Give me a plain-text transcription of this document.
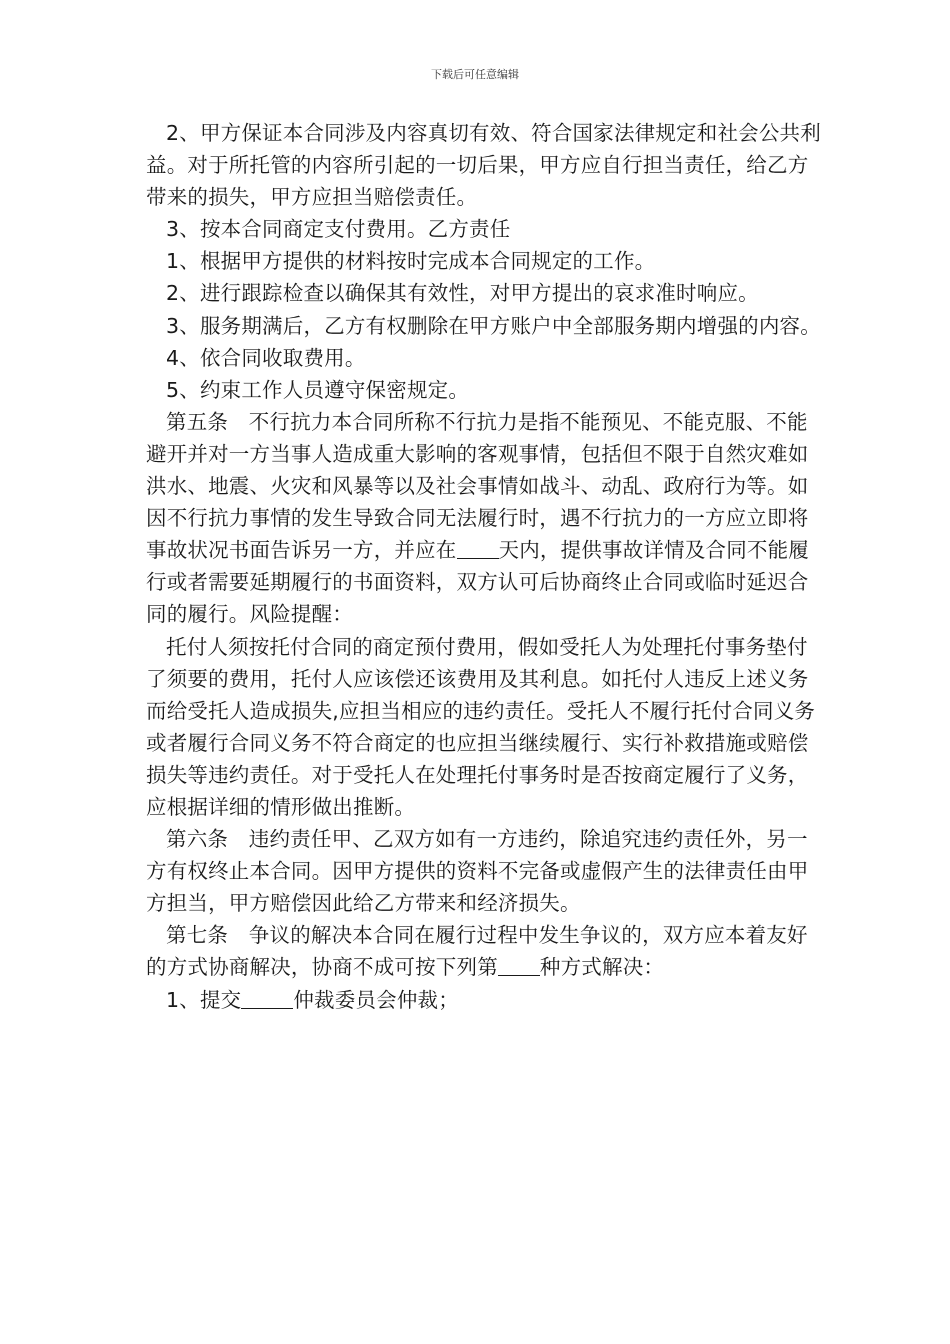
下载后可任意编辑

2、甲方保证本合同涉及内容真切有效、符合国家法律规定和社会公共利益。对于所托管的内容所引起的一切后果，甲方应自行担当责任，给乙方带来的损失，甲方应担当赔偿责任。

3、按本合同商定支付费用。乙方责任

1、根据甲方提供的材料按时完成本合同规定的工作。

2、进行跟踪检查以确保其有效性，对甲方提出的哀求准时响应。

3、服务期满后，乙方有权删除在甲方账户中全部服务期内增强的内容。

4、依合同收取费用。

5、约束工作人员遵守保密规定。

第五条　不行抗力本合同所称不行抗力是指不能预见、不能克服、不能避开并对一方当事人造成重大影响的客观事情，包括但不限于自然灾难如洪水、地震、火灾和风暴等以及社会事情如战斗、动乱、政府行为等。如因不行抗力事情的发生导致合同无法履行时，遇不行抗力的一方应立即将事故状况书面告诉另一方，并应在 天内，提供事故详情及合同不能履行或者需要延期履行的书面资料，双方认可后协商终止合同或临时延迟合同的履行。风险提醒：

托付人须按托付合同的商定预付费用，假如受托人为处理托付事务垫付了须要的费用，托付人应该偿还该费用及其利息。如托付人违反上述义务而给受托人造成损失,应担当相应的违约责任。受托人不履行托付合同义务或者履行合同义务不符合商定的也应担当继续履行、实行补救措施或赔偿损失等违约责任。对于受托人在处理托付事务时是否按商定履行了义务，应根据详细的情形做出推断。

第六条　违约责任甲、乙双方如有一方违约，除追究违约责任外，另一方有权终止本合同。因甲方提供的资料不完备或虚假产生的法律责任由甲方担当，甲方赔偿因此给乙方带来和经济损失。

第七条　争议的解决本合同在履行过程中发生争议的，双方应本着友好的方式协商解决，协商不成可按下列第 种方式解决：

1、提交	仲裁委员会仲裁；
